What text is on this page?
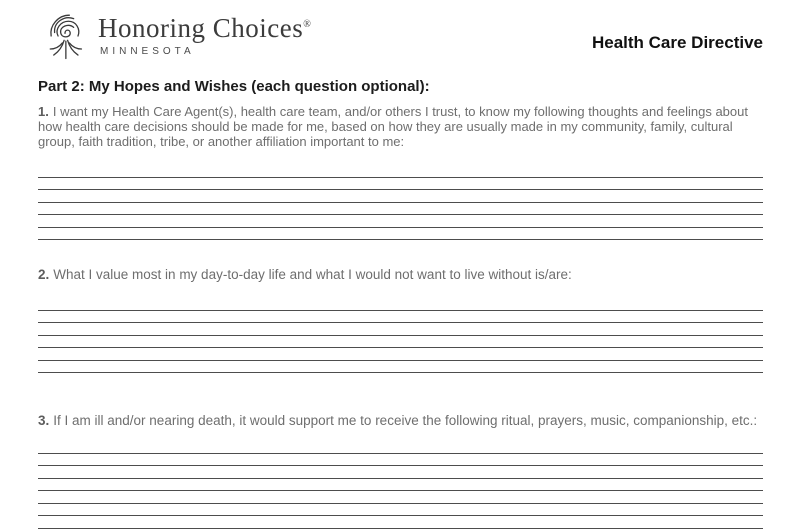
Honoring Choices®
MINNESOTA	Health Care Directive
Part 2: My Hopes and Wishes (each question optional):

1. I want my Health Care Agent(s), health care team, and/or others I trust, to know my following thoughts and feelings about how health care decisions should be made for me, based on how they are usually made in my community, family, cultural group, faith tradition, tribe, or another affiliation important to me:

2. What I value most in my day-to-day life and what I would not want to live without is/are:

3. If I am ill and/or nearing death, it would support me to receive the following ritual, prayers, music, companionship, etc.:
